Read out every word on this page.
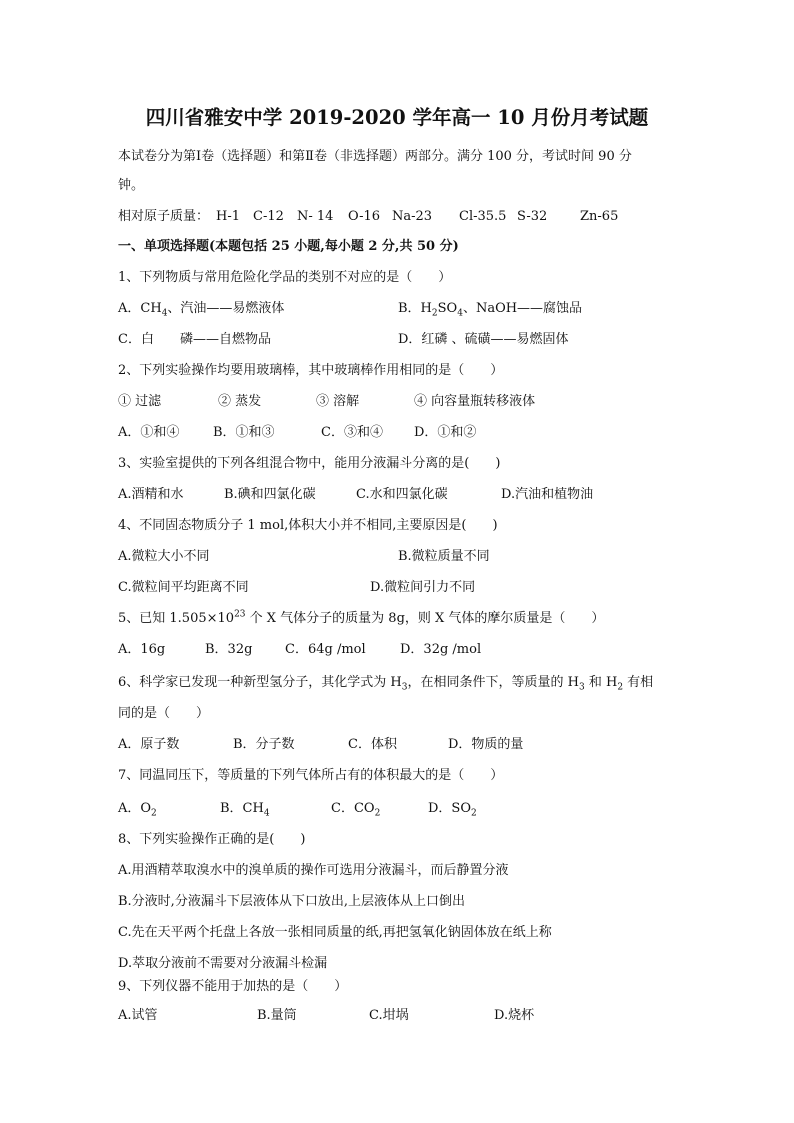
四川省雅安中学 2019-2020 学年高一 10 月份月考试题
本试卷分为第Ⅰ卷（选择题）和第Ⅱ卷（非选择题）两部分。满分 100 分，考试时间 90 分
钟。
相对原子质量： H-1 C-12 N- 14 O-16 Na-23 Cl-35.5 S-32	Zn-65
一、单项选择题(本题包括 25 小题,每小题 2 分,共 50 分)
1、下列物质与常用危险化学品的类别不对应的是（　　）
A．$CH_4$、汽油——易燃液体	B．$H_2SO_4$、NaOH——腐蚀品
C．白　　磷——自燃物品	D．红磷 、硫磺——易燃固体
2、下列实验操作均要用玻璃棒，其中玻璃棒作用相同的是（　　）
① 过滤	② 蒸发	③ 溶解	④ 向容量瓶转移液体
A．①和④	B．①和③	C．③和④ D．①和②
3、实验室提供的下列各组混合物中，能用分液漏斗分离的是(　　)
A.酒精和水	B.碘和四氯化碳	C.水和四氯化碳	D.汽油和植物油
4、不同固态物质分子 1 mol,体积大小并不相同,主要原因是(　　)
A.微粒大小不同	B.微粒质量不同
C.微粒间平均距离不同	D.微粒间引力不同
5、已知 $1.505\times 10^{23}$ 个 X 气体分子的质量为 8g，则 X 气体的摩尔质量是（　　）
A．16g	B．32g	C．64g /mol	D．32g /mol
6、科学家已发现一种新型氢分子，其化学式为 $H_3$，在相同条件下，等质量的 $H_3$ 和 $H_2$ 有相
同的是（　　）
A．原子数	B．分子数	C．体积	D．物质的量
7、同温同压下，等质量的下列气体所占有的体积最大的是（　　）
A．$O_2$	B．$CH_4$	C．$CO_2$	D．$SO_2$
8、下列实验操作正确的是(　　)
A.用酒精萃取溴水中的溴单质的操作可选用分液漏斗，而后静置分液
B.分液时,分液漏斗下层液体从下口放出,上层液体从上口倒出
C.先在天平两个托盘上各放一张相同质量的纸,再把氢氧化钠固体放在纸上称
D.萃取分液前不需要对分液漏斗检漏
9、下列仪器不能用于加热的是（　　）
A.试管	B.量筒	C.坩埚	D.烧杯
